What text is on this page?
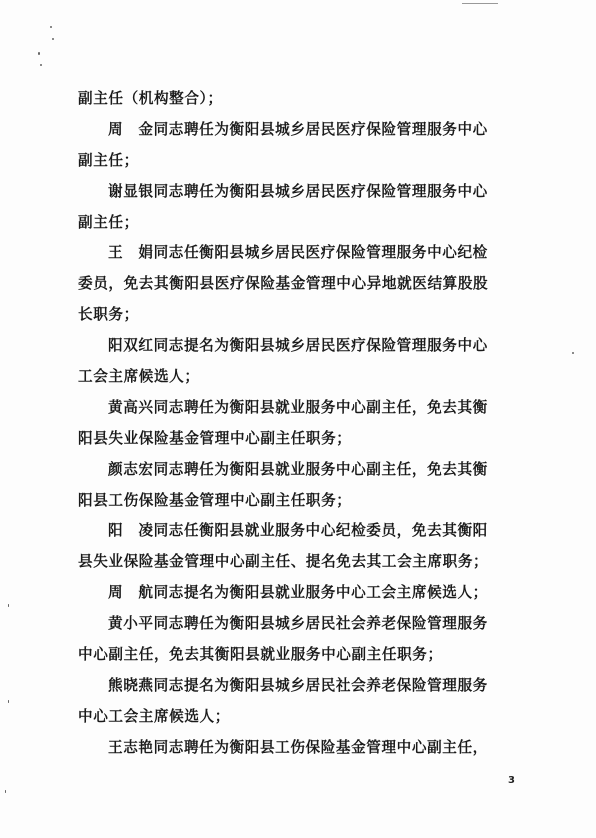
副主任（机构整合）；
周　金同志聘任为衡阳县城乡居民医疗保险管理服务中心
副主任；
谢显银同志聘任为衡阳县城乡居民医疗保险管理服务中心
副主任；
王　娟同志任衡阳县城乡居民医疗保险管理服务中心纪检
委员，免去其衡阳县医疗保险基金管理中心异地就医结算股股
长职务；
阳双红同志提名为衡阳县城乡居民医疗保险管理服务中心
工会主席候选人；
黄高兴同志聘任为衡阳县就业服务中心副主任，免去其衡
阳县失业保险基金管理中心副主任职务；
颜志宏同志聘任为衡阳县就业服务中心副主任，免去其衡
阳县工伤保险基金管理中心副主任职务；
阳　凌同志任衡阳县就业服务中心纪检委员，免去其衡阳
县失业保险基金管理中心副主任、提名免去其工会主席职务；
周　航同志提名为衡阳县就业服务中心工会主席候选人；
黄小平同志聘任为衡阳县城乡居民社会养老保险管理服务
中心副主任，免去其衡阳县就业服务中心副主任职务；
熊晓燕同志提名为衡阳县城乡居民社会养老保险管理服务
中心工会主席候选人；
王志艳同志聘任为衡阳县工伤保险基金管理中心副主任，
3
